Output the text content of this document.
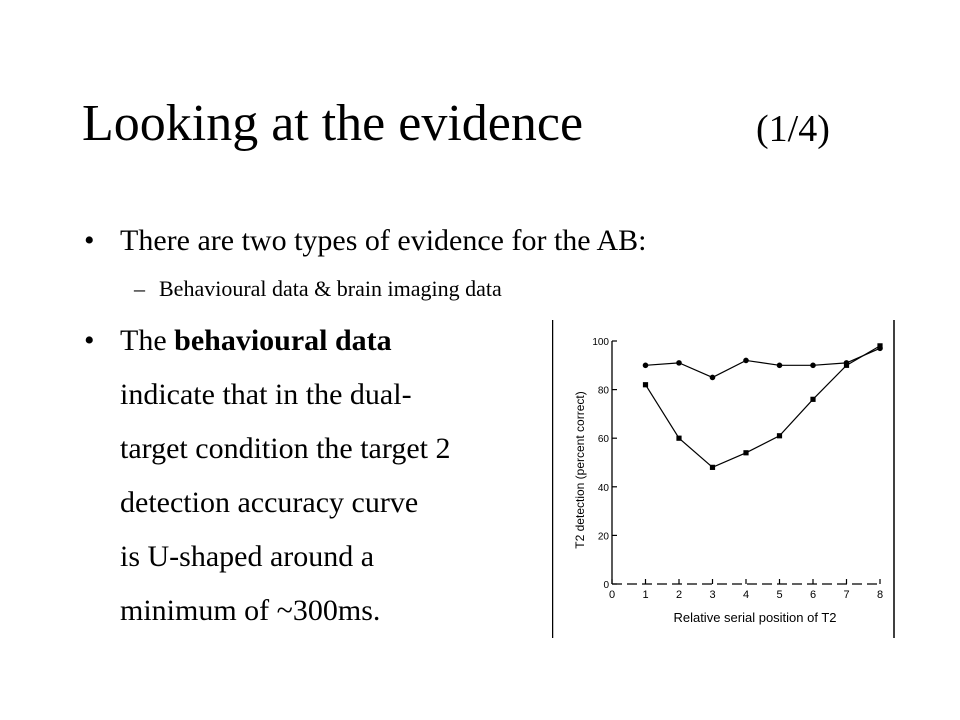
Looking at the evidence	(1/4)
• There are two types of evidence for the AB:
– Behavioural data & brain imaging data
• The behavioural data
indicate that in the dual-
target condition the target 2
detection accuracy curve
is U-shaped around a
minimum of ~300ms.
T2 detection (percent correct)
Relative serial position of T2
0
20
40
60
80
100
0 1 2 3 4 5 6 7 8
